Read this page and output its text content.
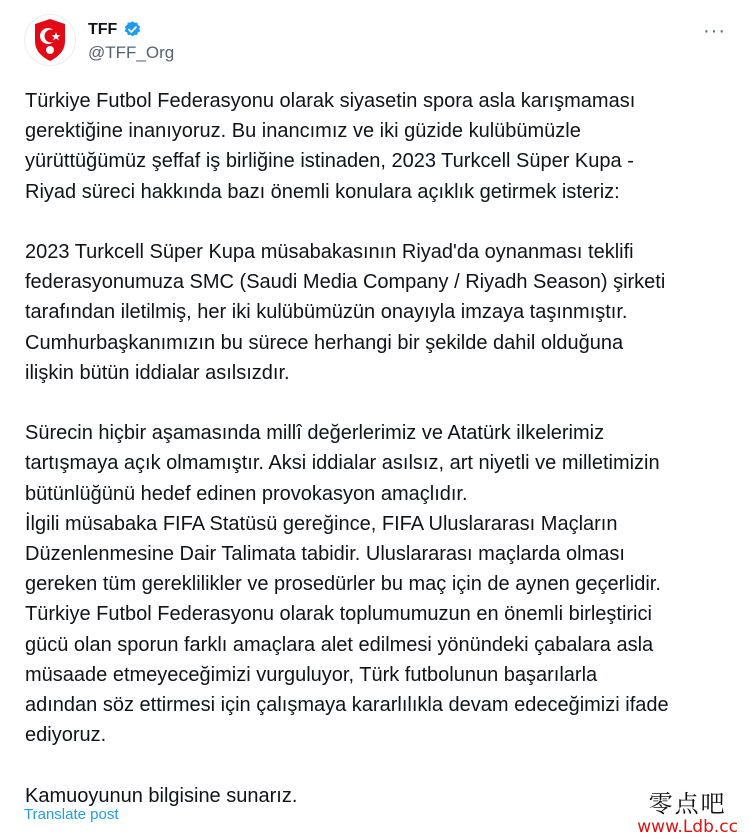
TFF
@TFF_Org
···

Türkiye Futbol Federasyonu olarak siyasetin spora asla karışmaması
gerektiğine inanıyoruz. Bu inancımız ve iki güzide kulübümüzle
yürüttüğümüz şeffaf iş birliğine istinaden, 2023 Turkcell Süper Kupa -
Riyad süreci hakkında bazı önemli konulara açıklık getirmek isteriz:

2023 Turkcell Süper Kupa müsabakasının Riyad'da oynanması teklifi
federasyonumuza SMC (Saudi Media Company / Riyadh Season) şirketi
tarafından iletilmiş, her iki kulübümüzün onayıyla imzaya taşınmıştır.
Cumhurbaşkanımızın bu sürece herhangi bir şekilde dahil olduğuna
ilişkin bütün iddialar asılsızdır.

Sürecin hiçbir aşamasında millî değerlerimiz ve Atatürk ilkelerimiz
tartışmaya açık olmamıştır. Aksi iddialar asılsız, art niyetli ve milletimizin
bütünlüğünü hedef edinen provokasyon amaçlıdır.
İlgili müsabaka FIFA Statüsü gereğince, FIFA Uluslararası Maçların
Düzenlenmesine Dair Talimata tabidir. Uluslararası maçlarda olması
gereken tüm gereklilikler ve prosedürler bu maç için de aynen geçerlidir.
Türkiye Futbol Federasyonu olarak toplumumuzun en önemli birleştirici
gücü olan sporun farklı amaçlara alet edilmesi yönündeki çabalara asla
müsaade etmeyeceğimizi vurguluyor, Türk futbolunun başarılarla
adından söz ettirmesi için çalışmaya kararlılıkla devam edeceğimizi ifade
ediyoruz.

Kamuoyunun bilgisine sunarız.

Translate post	零点吧
www.Ldb.cc
